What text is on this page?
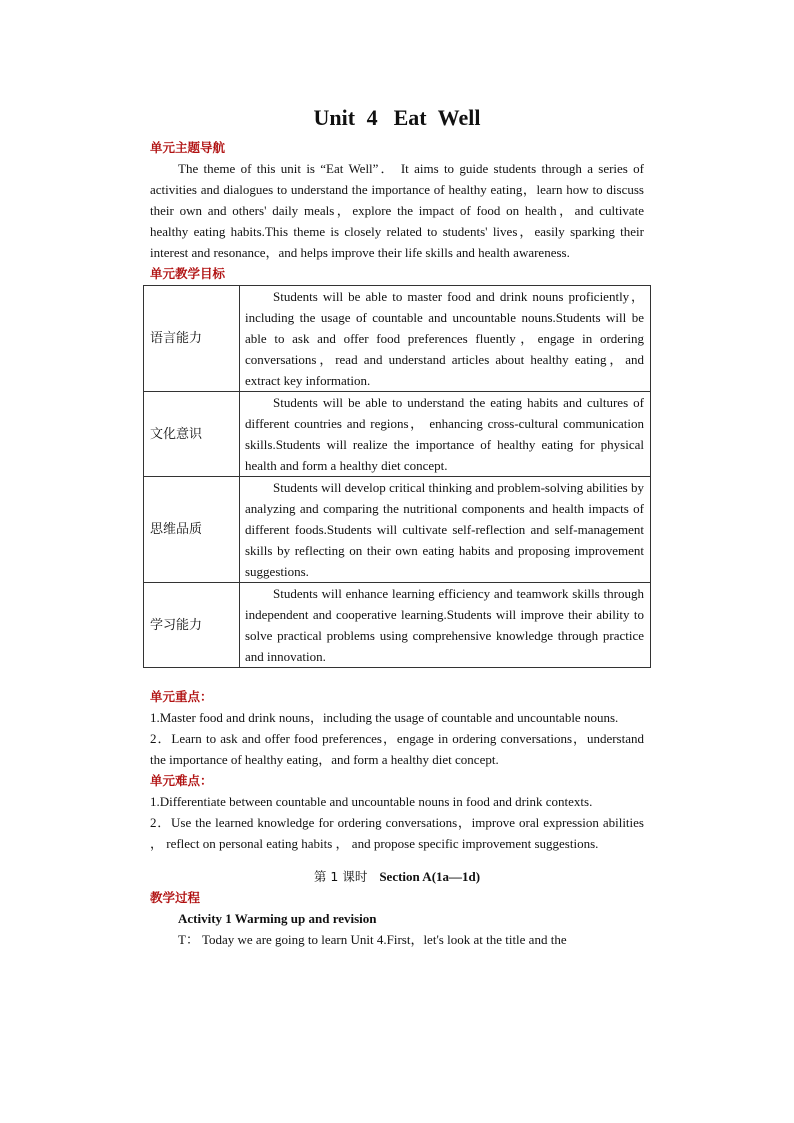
Unit 4 Eat Well
单元主题导航
The theme of this unit is “Eat Well”． It aims to guide students through a series of activities and dialogues to understand the importance of healthy eating，learn how to discuss their own and others' daily meals，explore the impact of food on health，and cultivate healthy eating habits.This theme is closely related to students' lives，easily sparking their interest and resonance，and helps improve their life skills and health awareness.
单元教学目标
语言能力	Students will be able to master food and drink nouns proficiently，including the usage of countable and uncountable nouns.Students will be able to ask and offer food preferences fluently，engage in ordering conversations，read and understand articles about healthy eating，and extract key information.
文化意识	Students will be able to understand the eating habits and cultures of different countries and regions， enhancing cross-cultural communication skills.Students will realize the importance of healthy eating for physical health and form a healthy diet concept.
思维品质	Students will develop critical thinking and problem-solving abilities by analyzing and comparing the nutritional components and health impacts of different foods.Students will cultivate self-reflection and self-management skills by reflecting on their own eating habits and proposing improvement suggestions.
学习能力	Students will enhance learning efficiency and teamwork skills through independent and cooperative learning.Students will improve their ability to solve practical problems using comprehensive knowledge through practice and innovation.
单元重点：
1.Master food and drink nouns，including the usage of countable and uncountable nouns.
2．Learn to ask and offer food preferences，engage in ordering conversations，understand the importance of healthy eating，and form a healthy diet concept.
单元难点：
1.Differentiate between countable and uncountable nouns in food and drink contexts.
2．Use the learned knowledge for ordering conversations，improve oral expression abilities ， reflect on personal eating habits ， and propose specific improvement suggestions.
第 1 课时 Section A(1a—1d)
教学过程
Activity 1 Warming up and revision
T： Today we are going to learn Unit 4.First，let's look at the title and the
